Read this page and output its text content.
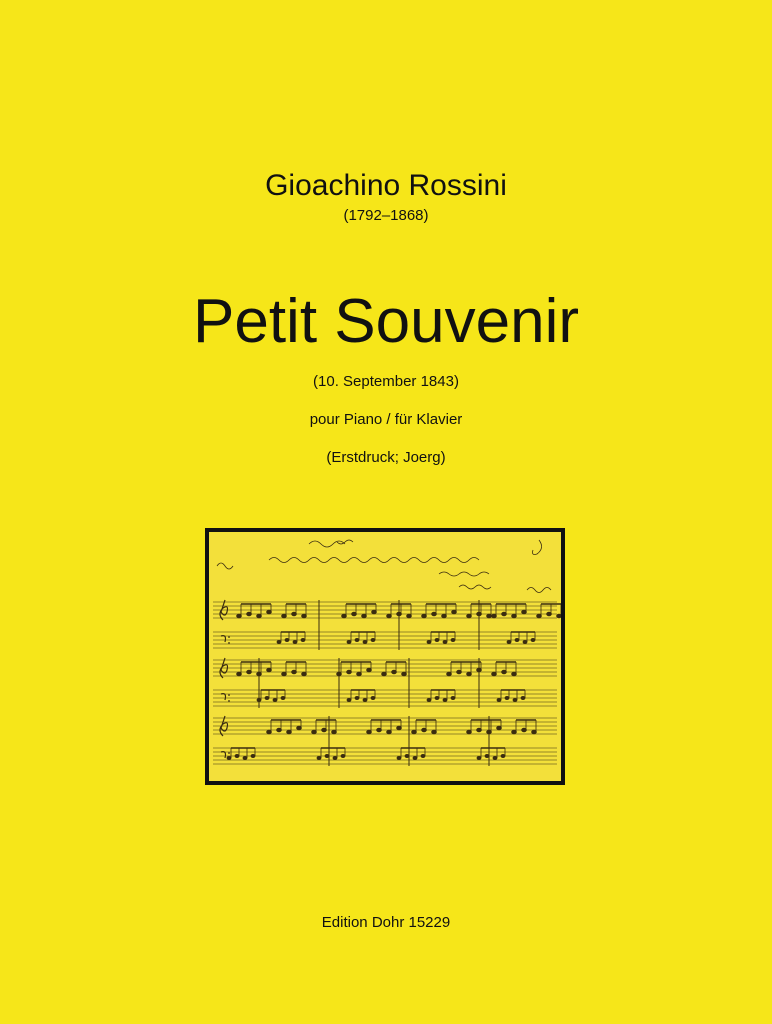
Gioachino Rossini
(1792–1868)
Petit Souvenir
(10. September 1843)
pour Piano / für Klavier
(Erstdruck; Joerg)
Edition Dohr 15229
